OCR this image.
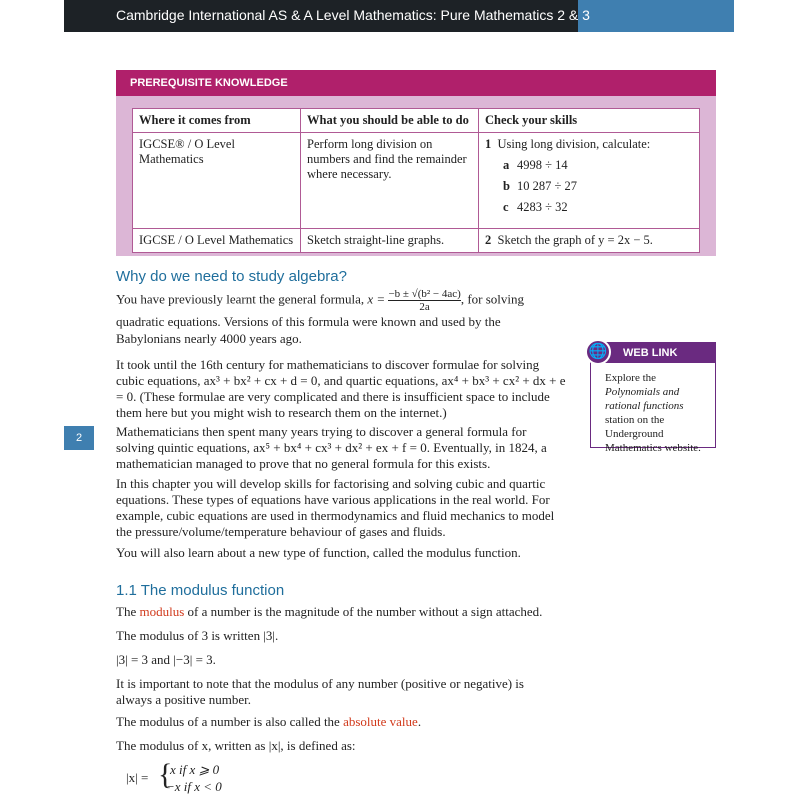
Cambridge International AS & A Level Mathematics: Pure Mathematics 2 & 3
PREREQUISITE KNOWLEDGE
Where it comes from	What you should be able to do	Check your skills
IGCSE® / O Level Mathematics	Perform long division on numbers and find the remainder where necessary.	1 Using long division, calculate:
a 4998 ÷ 14
b 10 287 ÷ 27
c 4283 ÷ 32

IGCSE / O Level Mathematics	Sketch straight-line graphs.	2 Sketch the graph of y = 2x − 5.
Why do we need to study algebra?

You have previously learnt the general formula, $x = \frac{\text{−b ± √(b² − 4ac)}}{2a}$ , for solving quadratic equations. Versions of this formula were known and used by the Babylonians nearly 4000 years ago.

It took until the 16th century for mathematicians to discover formulae for solving cubic equations, ax³ + bx² + cx + d = 0, and quartic equations, ax⁴ + bx³ + cx² + dx + e = 0. (These formulae are very complicated and there is insufficient space to include them here but you might wish to research them on the internet.)

Mathematicians then spent many years trying to discover a general formula for solving quintic equations, ax⁵ + bx⁴ + cx³ + dx² + ex + f = 0. Eventually, in 1824, a mathematician managed to prove that no general formula for this exists.

In this chapter you will develop skills for factorising and solving cubic and quartic equations. These types of equations have various applications in the real world. For example, cubic equations are used in thermodynamics and fluid mechanics to model the pressure/volume/temperature behaviour of gases and fluids.

You will also learn about a new type of function, called the modulus function.

WEB LINK
🌐
Explore the Polynomials and rational functions station on the Underground Mathematics website.
2
1.1 The modulus function

The modulus of a number is the magnitude of the number without a sign attached.

The modulus of 3 is written |3|.

|3| = 3 and |−3| = 3.

It is important to note that the modulus of any number (positive or negative) is always a positive number.

The modulus of a number is also called the absolute value.

The modulus of x, written as |x|, is defined as:

|x| = {
x if x ⩾ 0
−x if x < 0
